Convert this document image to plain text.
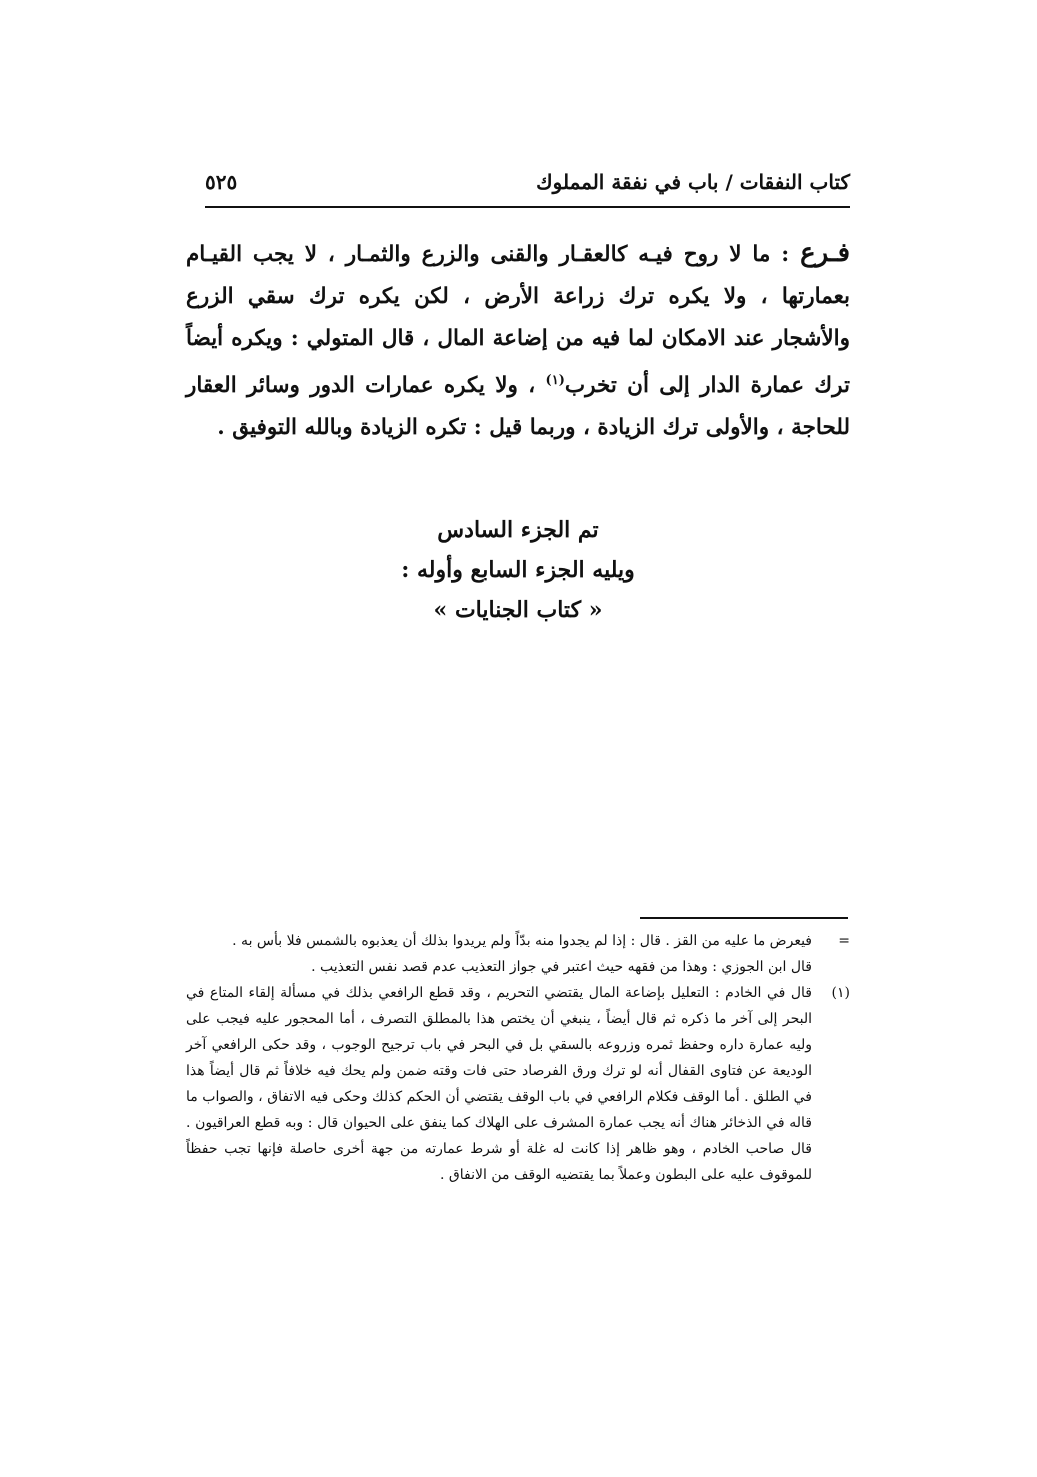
كتاب النفقات / باب في نفقة المملوك
٥٢٥
فـرع : ما لا روح فيـه كالعقـار والقنى والزرع والثمـار ، لا يجب القيـام بعمارتها ، ولا يكره ترك زراعة الأرض ، لكن يكره ترك سقي الزرع والأشجار عند الامكان لما فيه من إضاعة المال ، قال المتولي : ويكره أيضاً ترك عمارة الدار إلى أن تخرب$^{(١)}$ ، ولا يكره عمارات الدور وسائر العقار للحاجة ، والأولى ترك الزيادة ، وربما قيل : تكره الزيادة وبالله التوفيق .
تم الجزء السادس
ويليه الجزء السابع وأوله :
« كتاب الجنايات »
=
فيعرض ما عليه من القز . قال : إذا لم يجدوا منه بدّاً ولم يريدوا بذلك أن يعذبوه بالشمس فلا بأس به .
قال ابن الجوزي : وهذا من فقهه حيث اعتبر في جواز التعذيب عدم قصد نفس التعذيب .
(١)
قال في الخادم : التعليل بإضاعة المال يقتضي التحريم ، وقد قطع الرافعي بذلك في مسألة إلقاء المتاع في البحر إلى آخر ما ذكره ثم قال أيضاً ، ينبغي أن يختص هذا بالمطلق التصرف ، أما المحجور عليه فيجب على وليه عمارة داره وحفظ ثمره وزروعه بالسقي بل في البحر في باب ترجيح الوجوب ، وقد حكى الرافعي آخر الوديعة عن فتاوى القفال أنه لو ترك ورق الفرصاد حتى فات وقته ضمن ولم يحك فيه خلافاً ثم قال أيضاً هذا في الطلق . أما الوقف فكلام الرافعي في باب الوقف يقتضي أن الحكم كذلك وحكى فيه الاتفاق ، والصواب ما قاله في الذخائر هناك أنه يجب عمارة المشرف على الهلاك كما ينفق على الحيوان قال : وبه قطع العراقيون . قال صاحب الخادم ، وهو ظاهر إذا كانت له غلة أو شرط عمارته من جهة أخرى حاصلة فإنها تجب حفظاً للموقوف عليه على البطون وعملاً بما يقتضيه الوقف من الانفاق .
